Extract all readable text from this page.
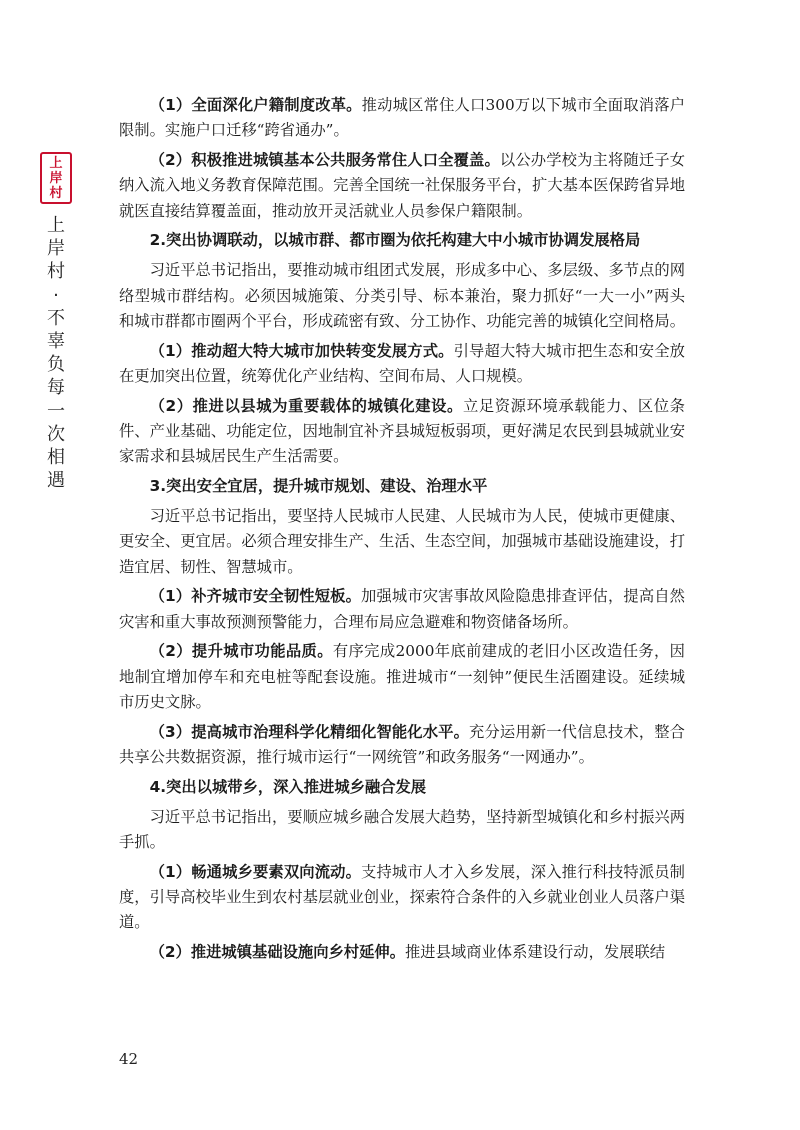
上
岸
村
上岸村·不辜负每一次相遇

（1）全面深化户籍制度改革。推动城区常住人口300万以下城市全面取消落户限制。实施户口迁移“跨省通办”。

（2）积极推进城镇基本公共服务常住人口全覆盖。以公办学校为主将随迁子女纳入流入地义务教育保障范围。完善全国统一社保服务平台，扩大基本医保跨省异地就医直接结算覆盖面，推动放开灵活就业人员参保户籍限制。

2.突出协调联动，以城市群、都市圈为依托构建大中小城市协调发展格局

习近平总书记指出，要推动城市组团式发展，形成多中心、多层级、多节点的网络型城市群结构。必须因城施策、分类引导、标本兼治，聚力抓好“一大一小”两头和城市群都市圈两个平台，形成疏密有致、分工协作、功能完善的城镇化空间格局。

（1）推动超大特大城市加快转变发展方式。引导超大特大城市把生态和安全放在更加突出位置，统筹优化产业结构、空间布局、人口规模。

（2）推进以县城为重要载体的城镇化建设。立足资源环境承载能力、区位条件、产业基础、功能定位，因地制宜补齐县城短板弱项，更好满足农民到县城就业安家需求和县城居民生产生活需要。

3.突出安全宜居，提升城市规划、建设、治理水平

习近平总书记指出，要坚持人民城市人民建、人民城市为人民，使城市更健康、更安全、更宜居。必须合理安排生产、生活、生态空间，加强城市基础设施建设，打造宜居、韧性、智慧城市。

（1）补齐城市安全韧性短板。加强城市灾害事故风险隐患排查评估，提高自然灾害和重大事故预测预警能力，合理布局应急避难和物资储备场所。

（2）提升城市功能品质。有序完成2000年底前建成的老旧小区改造任务，因地制宜增加停车和充电桩等配套设施。推进城市“一刻钟”便民生活圈建设。延续城市历史文脉。

（3）提高城市治理科学化精细化智能化水平。充分运用新一代信息技术，整合共享公共数据资源，推行城市运行“一网统管”和政务服务“一网通办”。

4.突出以城带乡，深入推进城乡融合发展

习近平总书记指出，要顺应城乡融合发展大趋势，坚持新型城镇化和乡村振兴两手抓。

（1）畅通城乡要素双向流动。支持城市人才入乡发展，深入推行科技特派员制度，引导高校毕业生到农村基层就业创业，探索符合条件的入乡就业创业人员落户渠道。

（2）推进城镇基础设施向乡村延伸。推进县域商业体系建设行动，发展联结

42
